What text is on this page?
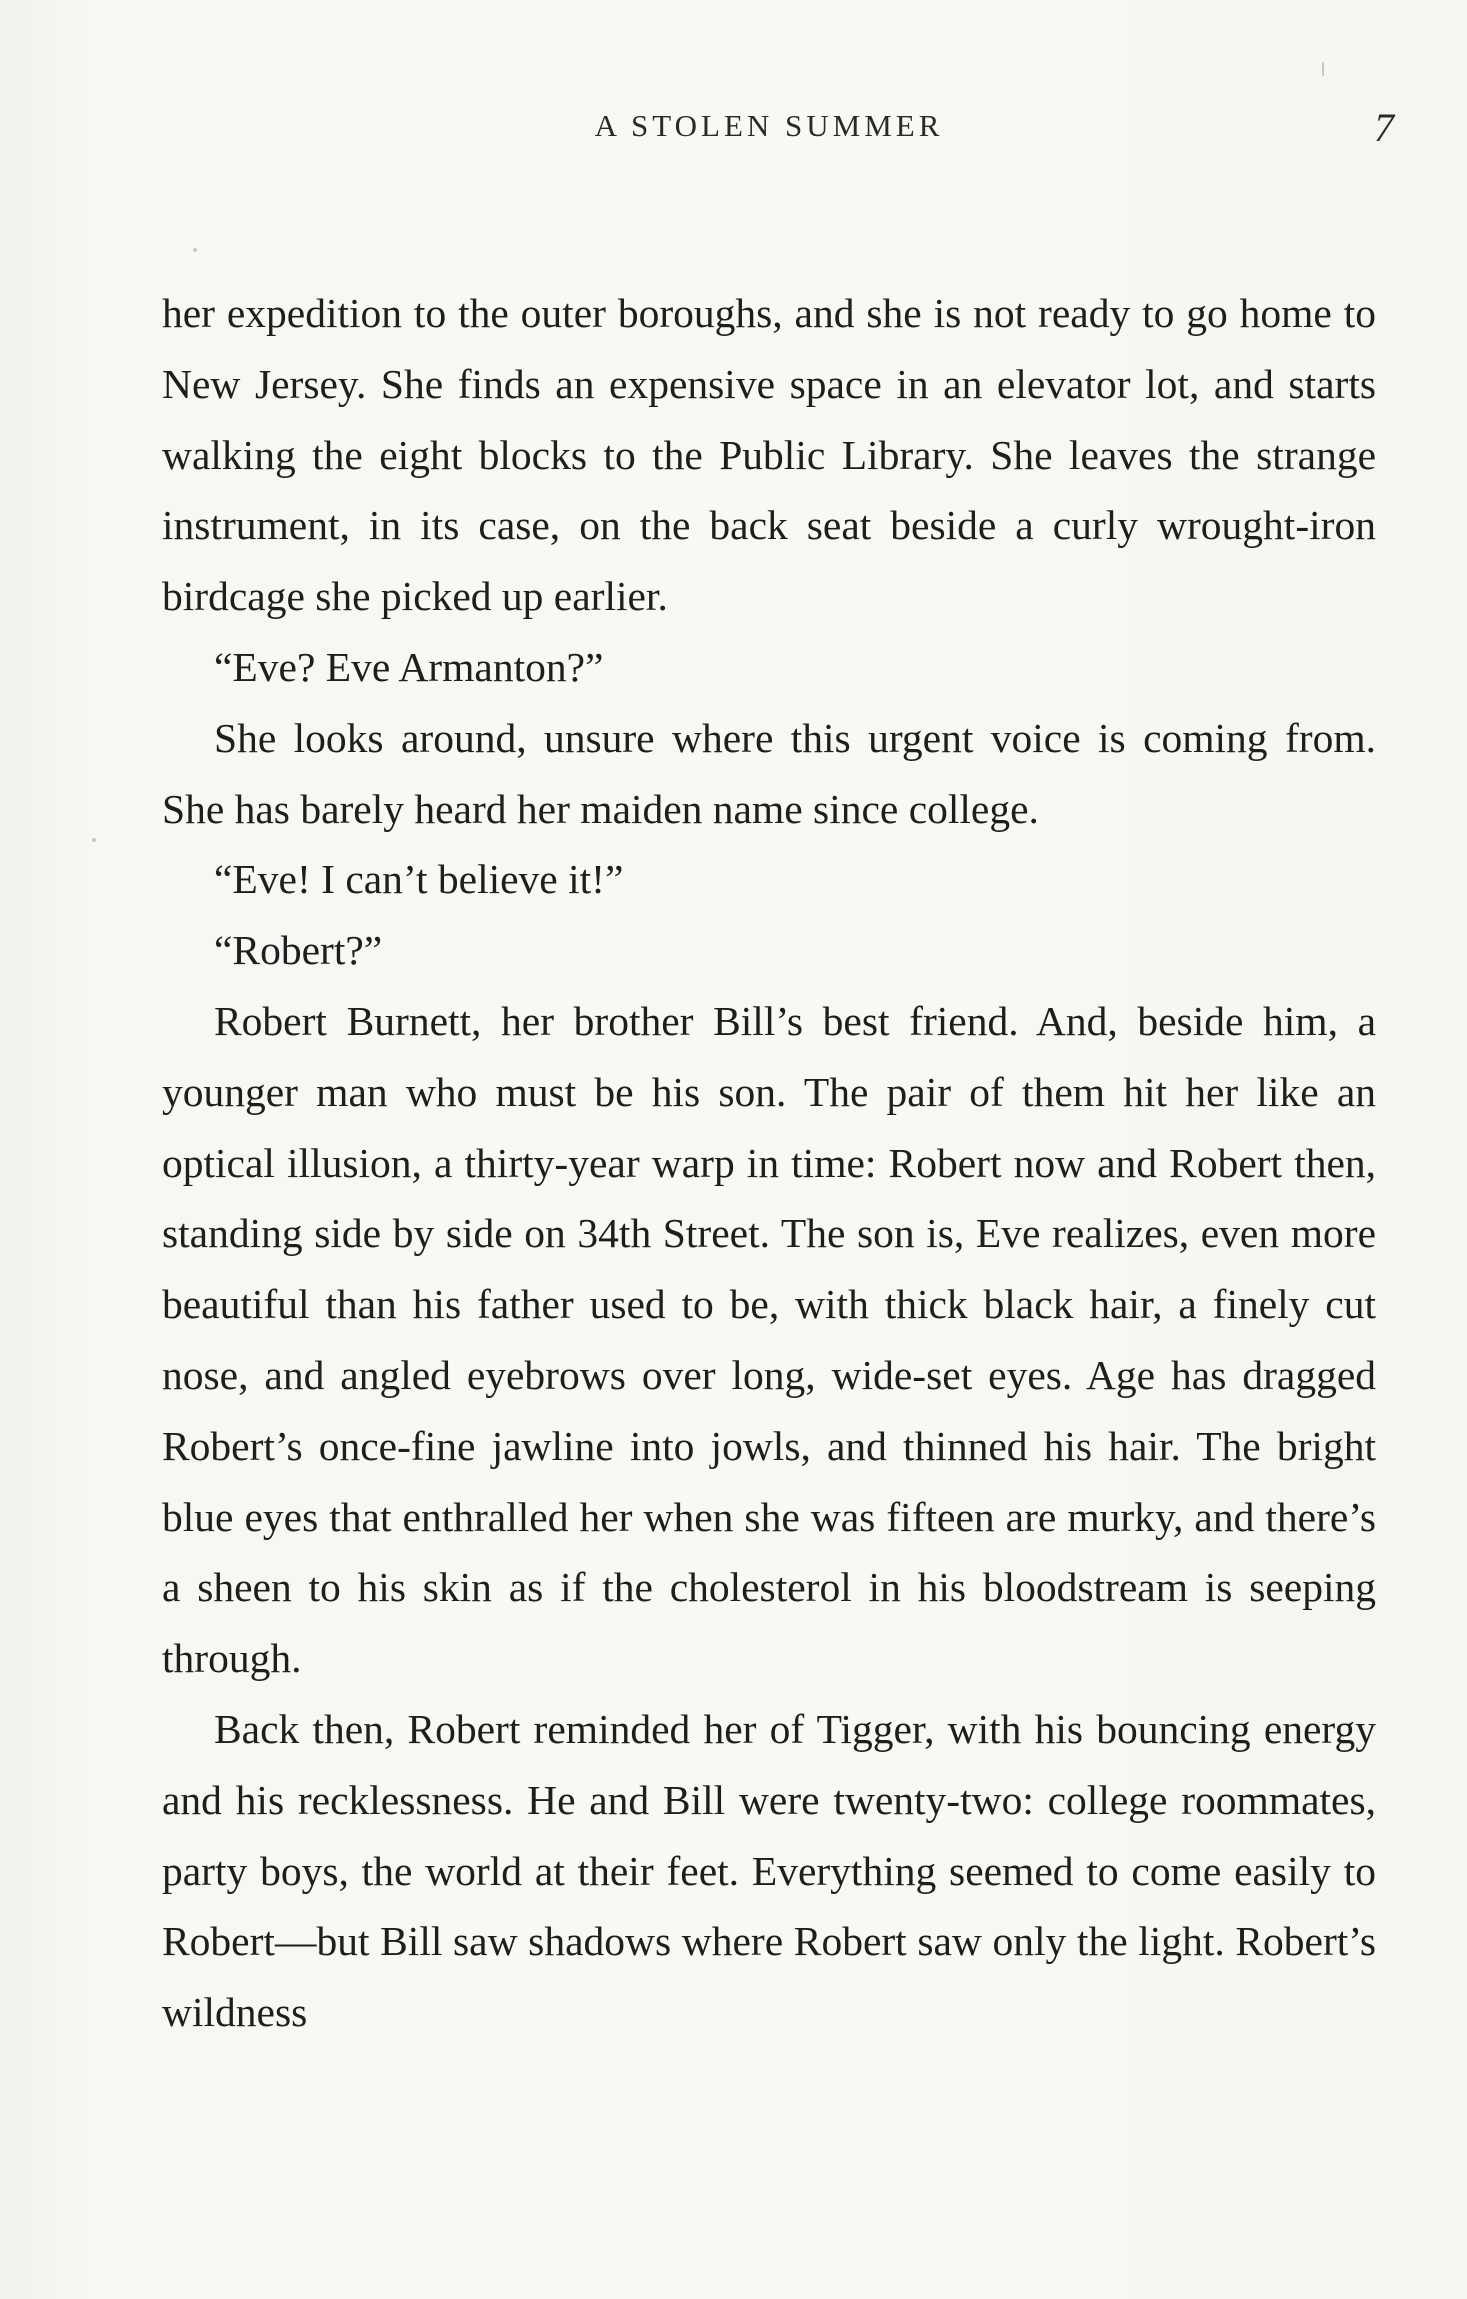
A STOLEN SUMMER	7

her expedition to the outer boroughs, and she is not ready to go home to New Jersey. She finds an expensive space in an elevator lot, and starts walking the eight blocks to the Public Library. She leaves the strange instrument, in its case, on the back seat beside a curly wrought-iron birdcage she picked up earlier.

“Eve? Eve Armanton?”

She looks around, unsure where this urgent voice is coming from. She has barely heard her maiden name since college.

“Eve! I can’t believe it!”

“Robert?”

Robert Burnett, her brother Bill’s best friend. And, beside him, a younger man who must be his son. The pair of them hit her like an optical illusion, a thirty-year warp in time: Robert now and Robert then, standing side by side on 34th Street. The son is, Eve realizes, even more beautiful than his father used to be, with thick black hair, a finely cut nose, and angled eyebrows over long, wide-set eyes. Age has dragged Robert’s once-fine jawline into jowls, and thinned his hair. The bright blue eyes that enthralled her when she was fifteen are murky, and there’s a sheen to his skin as if the cholesterol in his bloodstream is seeping through.

Back then, Robert reminded her of Tigger, with his bouncing energy and his recklessness. He and Bill were twenty-two: college roommates, party boys, the world at their feet. Everything seemed to come easily to Robert—but Bill saw shadows where Robert saw only the light. Robert’s wildness
